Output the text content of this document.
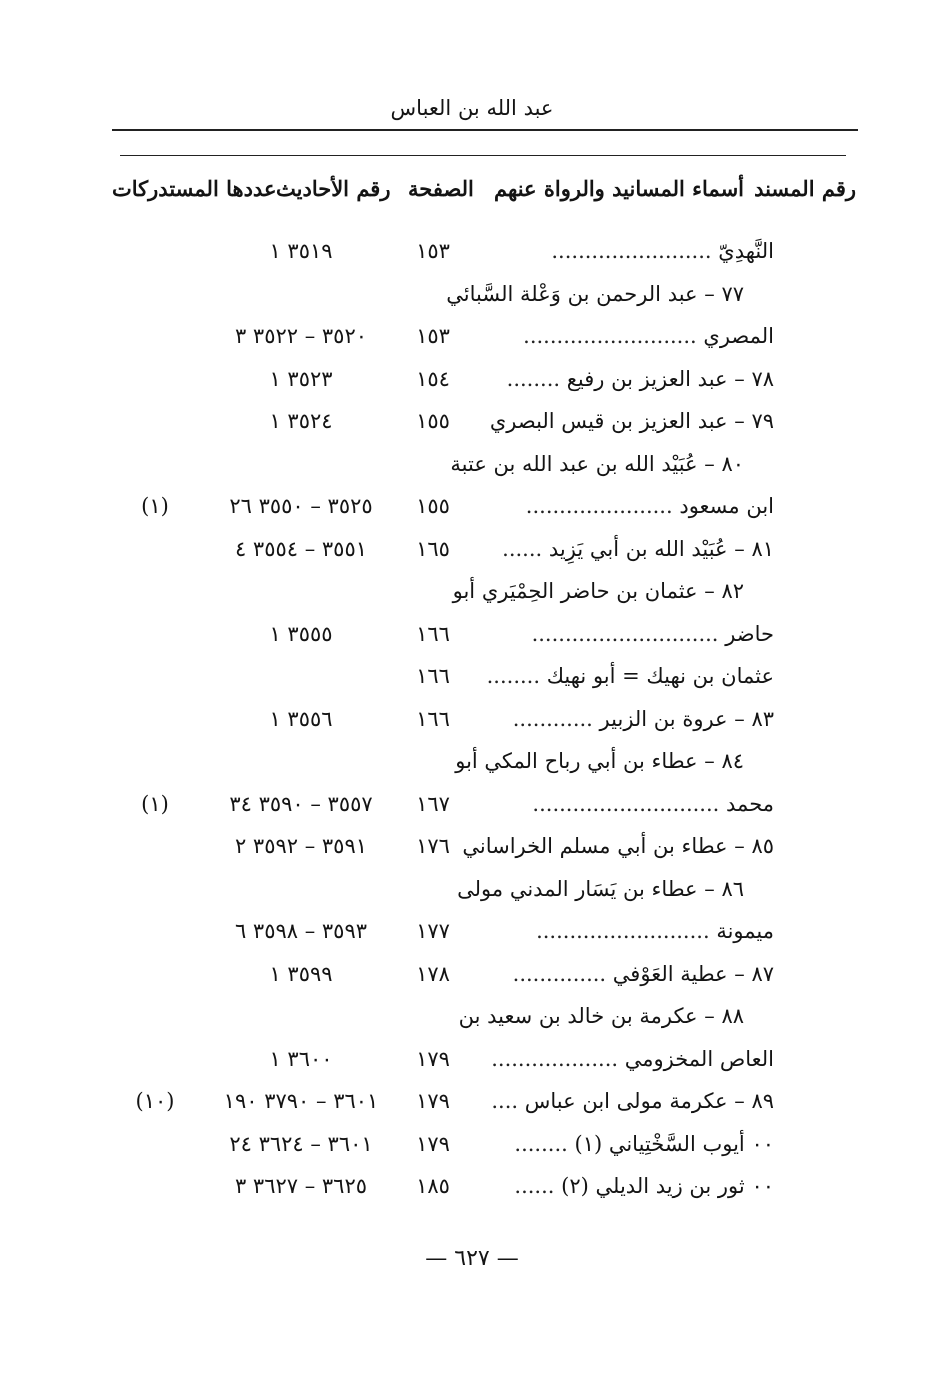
عبد الله بن العباس
رقم المسند
أسماء المسانيد والرواة عنهم
الصفحة
رقم الأحاديث
عددها المستدركات
النَّهدِيّ ........................
١٥٣
٣٥١٩ ١
٧٧ – عبد الرحمن بن وَعْلة السَّبائي
المصري ..........................
١٥٣
٣٥٢٠ – ٣٥٢٢ ٣
٧٨ – عبد العزيز بن رفيع ........
١٥٤
٣٥٢٣ ١
٧٩ – عبد العزيز بن قيس البصري
١٥٥
٣٥٢٤ ١
٨٠ – عُبَيْد الله بن عبد الله بن عتبة
ابن مسعود ......................
١٥٥
٣٥٢٥ – ٣٥٥٠ ٢٦
(١)
٨١ – عُبَيْد الله بن أبي يَزِيد ......
١٦٥
٣٥٥١ – ٣٥٥٤ ٤
٨٢ – عثمان بن حاضر الحِمْيَري أبو
حاضر ............................
١٦٦
٣٥٥٥ ١
عثمان بن نهيك = أبو نهيك ........
١٦٦
٨٣ – عروة بن الزبير ............
١٦٦
٣٥٥٦ ١
٨٤ – عطاء بن أبي رباح المكي أبو
محمد ............................
١٦٧
٣٥٥٧ – ٣٥٩٠ ٣٤
(١)
٨٥ – عطاء بن أبي مسلم الخراساني
١٧٦
٣٥٩١ – ٣٥٩٢ ٢
٨٦ – عطاء بن يَسَار المدني مولى
ميمونة ..........................
١٧٧
٣٥٩٣ – ٣٥٩٨ ٦
٨٧ – عطية العَوْفي ..............
١٧٨
٣٥٩٩ ١
٨٨ – عكرمة بن خالد بن سعيد بن
العاص المخزومي ...................
١٧٩
٣٦٠٠ ١
٨٩ – عكرمة مولى ابن عباس ....
١٧٩
٣٦٠١ – ٣٧٩٠ ١٩٠
(١٠)
٠٠ أيوب السَّخْتِياني (١) ........
١٧٩
٣٦٠١ – ٣٦٢٤ ٢٤
٠٠ ثور بن زيد الديلي (٢) ......
١٨٥
٣٦٢٥ – ٣٦٢٧ ٣
— ٦٢٧ —
